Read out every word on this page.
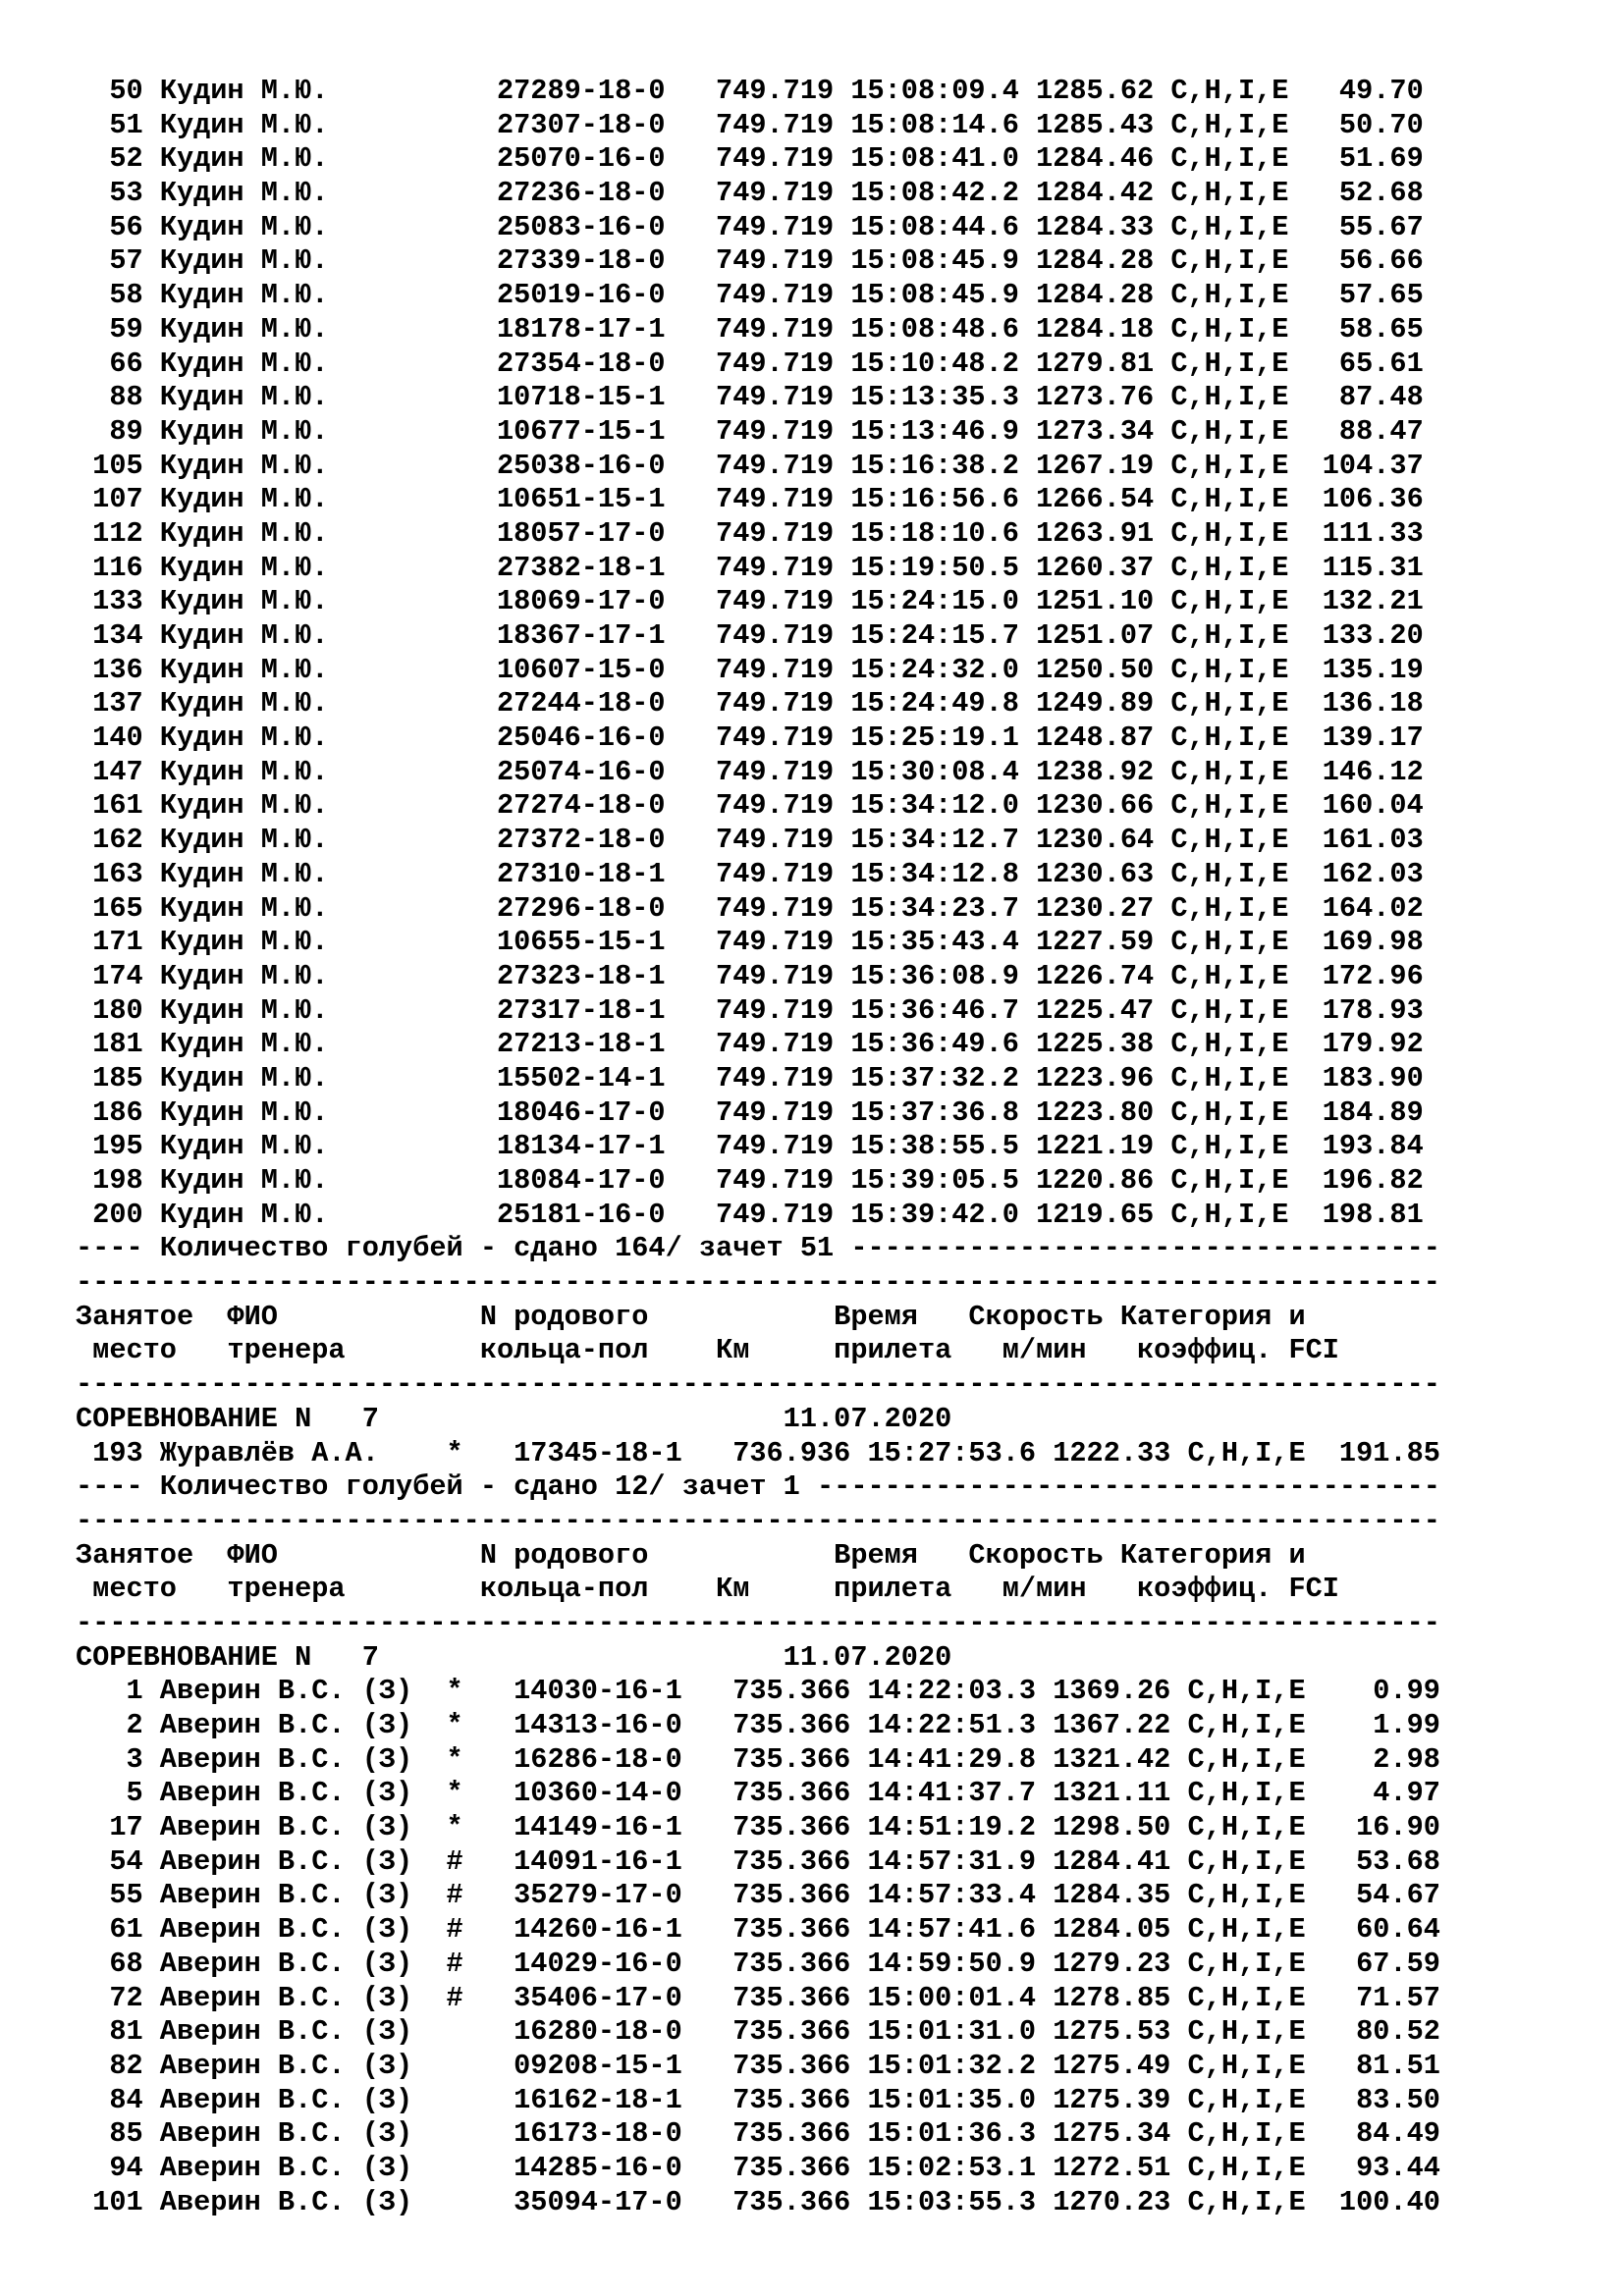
50 Кудин М.Ю.          27289-18-0   749.719 15:08:09.4 1285.62 C,H,I,E   49.70
51 Кудин М.Ю.          27307-18-0   749.719 15:08:14.6 1285.43 C,H,I,E   50.70
52 Кудин М.Ю.          25070-16-0   749.719 15:08:41.0 1284.46 C,H,I,E   51.69
53 Кудин М.Ю.          27236-18-0   749.719 15:08:42.2 1284.42 C,H,I,E   52.68
56 Кудин М.Ю.          25083-16-0   749.719 15:08:44.6 1284.33 C,H,I,E   55.67
57 Кудин М.Ю.          27339-18-0   749.719 15:08:45.9 1284.28 C,H,I,E   56.66
58 Кудин М.Ю.          25019-16-0   749.719 15:08:45.9 1284.28 C,H,I,E   57.65
59 Кудин М.Ю.          18178-17-1   749.719 15:08:48.6 1284.18 C,H,I,E   58.65
66 Кудин М.Ю.          27354-18-0   749.719 15:10:48.2 1279.81 C,H,I,E   65.61
88 Кудин М.Ю.          10718-15-1   749.719 15:13:35.3 1273.76 C,H,I,E   87.48
89 Кудин М.Ю.          10677-15-1   749.719 15:13:46.9 1273.34 C,H,I,E   88.47
105 Кудин М.Ю.          25038-16-0   749.719 15:16:38.2 1267.19 C,H,I,E  104.37
107 Кудин М.Ю.          10651-15-1   749.719 15:16:56.6 1266.54 C,H,I,E  106.36
112 Кудин М.Ю.          18057-17-0   749.719 15:18:10.6 1263.91 C,H,I,E  111.33
116 Кудин М.Ю.          27382-18-1   749.719 15:19:50.5 1260.37 C,H,I,E  115.31
133 Кудин М.Ю.          18069-17-0   749.719 15:24:15.0 1251.10 C,H,I,E  132.21
134 Кудин М.Ю.          18367-17-1   749.719 15:24:15.7 1251.07 C,H,I,E  133.20
136 Кудин М.Ю.          10607-15-0   749.719 15:24:32.0 1250.50 C,H,I,E  135.19
137 Кудин М.Ю.          27244-18-0   749.719 15:24:49.8 1249.89 C,H,I,E  136.18
140 Кудин М.Ю.          25046-16-0   749.719 15:25:19.1 1248.87 C,H,I,E  139.17
147 Кудин М.Ю.          25074-16-0   749.719 15:30:08.4 1238.92 C,H,I,E  146.12
161 Кудин М.Ю.          27274-18-0   749.719 15:34:12.0 1230.66 C,H,I,E  160.04
162 Кудин М.Ю.          27372-18-0   749.719 15:34:12.7 1230.64 C,H,I,E  161.03
163 Кудин М.Ю.          27310-18-1   749.719 15:34:12.8 1230.63 C,H,I,E  162.03
165 Кудин М.Ю.          27296-18-0   749.719 15:34:23.7 1230.27 C,H,I,E  164.02
171 Кудин М.Ю.          10655-15-1   749.719 15:35:43.4 1227.59 C,H,I,E  169.98
174 Кудин М.Ю.          27323-18-1   749.719 15:36:08.9 1226.74 C,H,I,E  172.96
180 Кудин М.Ю.          27317-18-1   749.719 15:36:46.7 1225.47 C,H,I,E  178.93
181 Кудин М.Ю.          27213-18-1   749.719 15:36:49.6 1225.38 C,H,I,E  179.92
185 Кудин М.Ю.          15502-14-1   749.719 15:37:32.2 1223.96 C,H,I,E  183.90
186 Кудин М.Ю.          18046-17-0   749.719 15:37:36.8 1223.80 C,H,I,E  184.89
195 Кудин М.Ю.          18134-17-1   749.719 15:38:55.5 1221.19 C,H,I,E  193.84
198 Кудин М.Ю.          18084-17-0   749.719 15:39:05.5 1220.86 C,H,I,E  196.82
200 Кудин М.Ю.          25181-16-0   749.719 15:39:42.0 1219.65 C,H,I,E  198.81
---- Количество голубей - сдано 164/ зачет 51 -----------------------------------
---------------------------------------------------------------------------------
Занятое  ФИО            N родового           Время   Скорость Категория и
место   тренера        кольца-пол    Км     прилета   м/мин   коэффиц. FCI
---------------------------------------------------------------------------------
СОРЕВНОВАНИЕ N   7                        11.07.2020
193 Журавлёв А.А.    *   17345-18-1   736.936 15:27:53.6 1222.33 C,H,I,E  191.85
---- Количество голубей - сдано 12/ зачет 1 -------------------------------------
---------------------------------------------------------------------------------
Занятое  ФИО            N родового           Время   Скорость Категория и
место   тренера        кольца-пол    Км     прилета   м/мин   коэффиц. FCI
---------------------------------------------------------------------------------
СОРЕВНОВАНИЕ N   7                        11.07.2020
1 Аверин В.С. (З)  *   14030-16-1   735.366 14:22:03.3 1369.26 C,H,I,E    0.99
2 Аверин В.С. (З)  *   14313-16-0   735.366 14:22:51.3 1367.22 C,H,I,E    1.99
3 Аверин В.С. (З)  *   16286-18-0   735.366 14:41:29.8 1321.42 C,H,I,E    2.98
5 Аверин В.С. (З)  *   10360-14-0   735.366 14:41:37.7 1321.11 C,H,I,E    4.97
17 Аверин В.С. (З)  *   14149-16-1   735.366 14:51:19.2 1298.50 C,H,I,E   16.90
54 Аверин В.С. (З)  #   14091-16-1   735.366 14:57:31.9 1284.41 C,H,I,E   53.68
55 Аверин В.С. (З)  #   35279-17-0   735.366 14:57:33.4 1284.35 C,H,I,E   54.67
61 Аверин В.С. (З)  #   14260-16-1   735.366 14:57:41.6 1284.05 C,H,I,E   60.64
68 Аверин В.С. (З)  #   14029-16-0   735.366 14:59:50.9 1279.23 C,H,I,E   67.59
72 Аверин В.С. (З)  #   35406-17-0   735.366 15:00:01.4 1278.85 C,H,I,E   71.57
81 Аверин В.С. (З)      16280-18-0   735.366 15:01:31.0 1275.53 C,H,I,E   80.52
82 Аверин В.С. (З)      09208-15-1   735.366 15:01:32.2 1275.49 C,H,I,E   81.51
84 Аверин В.С. (З)      16162-18-1   735.366 15:01:35.0 1275.39 C,H,I,E   83.50
85 Аверин В.С. (З)      16173-18-0   735.366 15:01:36.3 1275.34 C,H,I,E   84.49
94 Аверин В.С. (З)      14285-16-0   735.366 15:02:53.1 1272.51 C,H,I,E   93.44
101 Аверин В.С. (З)      35094-17-0   735.366 15:03:55.3 1270.23 C,H,I,E  100.40
